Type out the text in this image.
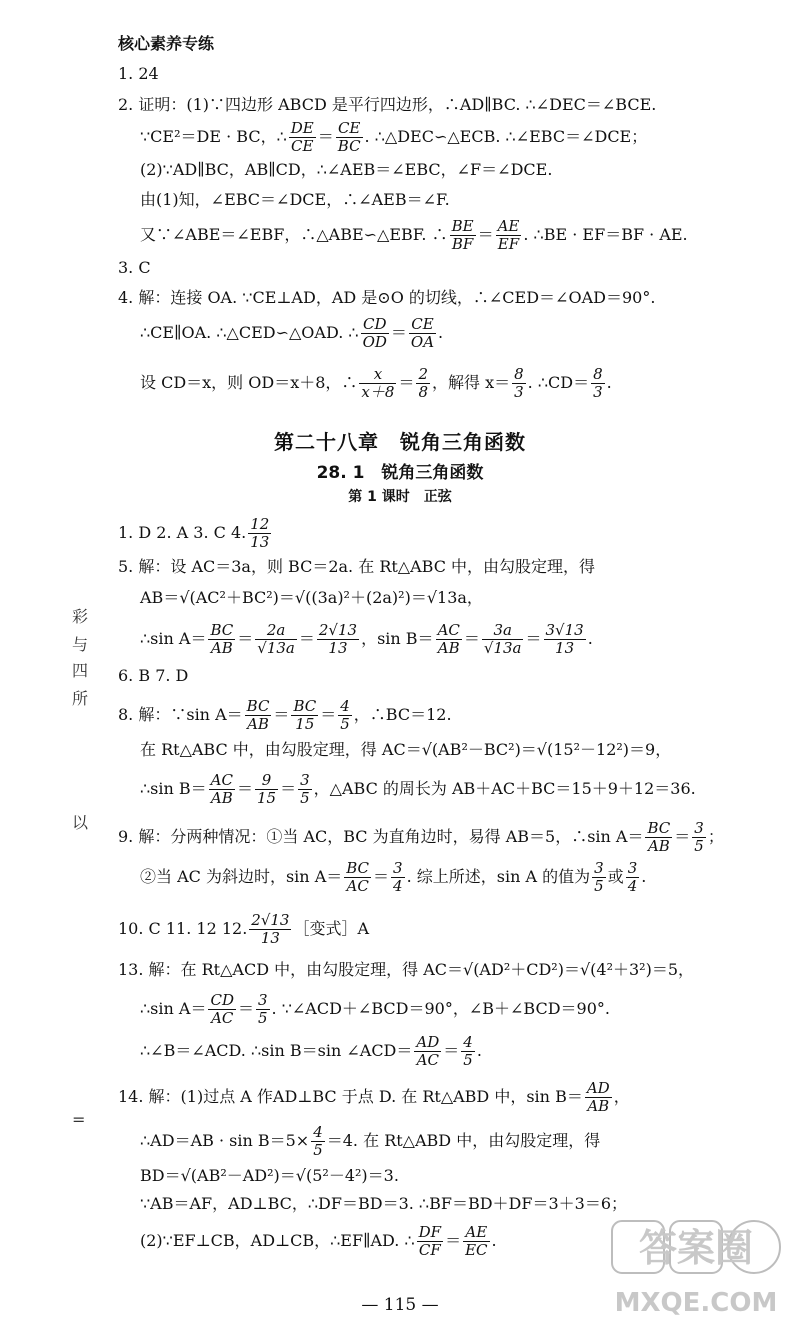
核心素养专练
1. 24
2. 证明：(1)∵四边形 ABCD 是平行四边形，∴AD∥BC. ∴∠DEC＝∠BCE.
∵CE²＝DE · BC，∴ $\frac{DE}{CE} = \frac{CE}{BC}$ . ∴△DEC∽△ECB. ∴∠EBC＝∠DCE；
(2)∵AD∥BC，AB∥CD，∴∠AEB＝∠EBC，∠F＝∠DCE.
由(1)知，∠EBC＝∠DCE，∴∠AEB＝∠F.
又∵∠ABE＝∠EBF，∴△ABE∽△EBF. ∴ $\frac{BE}{BF} = \frac{AE}{EF}$ . ∴BE · EF＝BF · AE.
3. C
4. 解：连接 OA. ∵CE⊥AD，AD 是⊙O 的切线，∴∠CED＝∠OAD＝90°.
∴CE∥OA. ∴△CED∽△OAD. ∴ $\frac{CD}{OD} = \frac{CE}{OA}$ .
设 CD＝x，则 OD＝x＋8，∴ $\frac{x}{x+8} = \frac{2}{8}$ ，解得 $x= \frac{8}{3}$ . ∴CD＝ $\frac{8}{3}$ .
第二十八章　锐角三角函数
28. 1　锐角三角函数
第 1 课时　正弦
1. D 2. A 3. C 4. $\frac{12}{13}$
5. 解：设 AC＝3a，则 BC＝2a. 在 Rt△ABC 中，由勾股定理，得
AB＝√(AC²＋BC²)＝√((3a)²＋(2a)²)＝√13a，
∴sin $A= \frac{BC}{AB} = \frac{2a}{√13a} = \frac{2√13}{13}$ ，$\sin B= \frac{AC}{AB} = \frac{3a}{√13a} = \frac{3√13}{13}$ .
6. B 7. D
8. 解：∵sin $A= \frac{BC}{AB} = \frac{BC}{15} = \frac{4}{5}$ ，∴BC＝12.
在 Rt△ABC 中，由勾股定理，得 AC＝√(AB²－BC²)＝√(15²－12²)＝9，
∴sin $B= \frac{AC}{AB} = \frac{9}{15} = \frac{3}{5}$ ，△ABC 的周长为 AB＋AC＋BC＝15＋9＋12＝36.
9. 解：分两种情况：①当 AC，BC 为直角边时，易得 AB＝5，∴sin $A= \frac{BC}{AB} = \frac{3}{5}$ ；
②当 AC 为斜边时，$\sin A= \frac{BC}{AC} = \frac{3}{4}$ . 综上所述，sin A 的值为 $\frac{3}{5}$ 或 $\frac{3}{4}$ .
10. C 11. 12 12. $\frac{2√13}{13}$ ［变式］A
13. 解：在 Rt△ACD 中，由勾股定理，得 AC＝√(AD²＋CD²)＝√(4²＋3²)＝5，
∴sin $A= \frac{CD}{AC} = \frac{3}{5}$ . ∵∠ACD＋∠BCD＝90°，∠B＋∠BCD＝90°.
∴∠B＝∠ACD. ∴sin B＝sin ∠ACD＝ $\frac{AD}{AC} = \frac{4}{5}$ .
14. 解：(1)过点 A 作AD⊥BC 于点 D. 在 Rt△ABD 中，$\sin B= \frac{AD}{AB}$ ，
∴AD＝AB · $\sin B=5\times \frac{4}{5} =4$. 在 Rt△ABD 中，由勾股定理，得
BD＝√(AB²－AD²)＝√(5²－4²)＝3.
∵AB＝AF，AD⊥BC，∴DF＝BD＝3. ∴BF＝BD＋DF＝3＋3＝6；
(2)∵EF⊥CB，AD⊥CB，∴EF∥AD. ∴ $\frac{DF}{CF} = \frac{AE}{EC}$ .
彩
与
四
所
以
=
— 115 —
答案圈
MXQE.COM
